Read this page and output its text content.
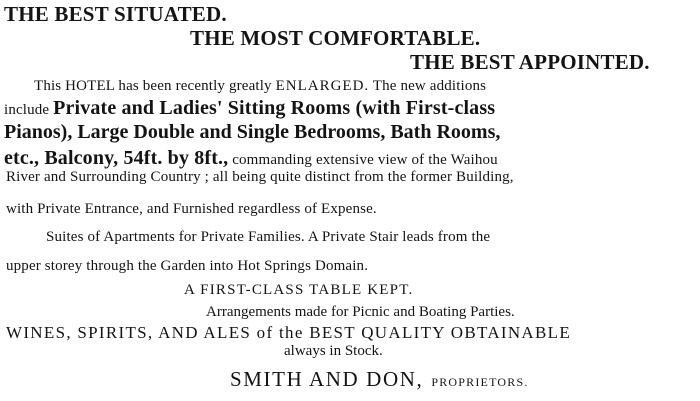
THE BEST SITUATED.
THE MOST COMFORTABLE.
THE BEST APPOINTED.
This HOTEL has been recently greatly ENLARGED. The new additions
include Private and Ladies' Sitting Rooms (with First-class
Pianos), Large Double and Single Bedrooms, Bath Rooms,
etc., Balcony, 54ft. by 8ft., commanding extensive view of the Waihou
River and Surrounding Country ; all being quite distinct from the former Building,
with Private Entrance, and Furnished regardless of Expense.
Suites of Apartments for Private Families. A Private Stair leads from the
upper storey through the Garden into Hot Springs Domain.
A FIRST-CLASS TABLE KEPT.
Arrangements made for Picnic and Boating Parties.
WINES, SPIRITS, AND ALES of the BEST QUALITY OBTAINABLE
always in Stock.
SMITH AND DON, PROPRIETORS.
